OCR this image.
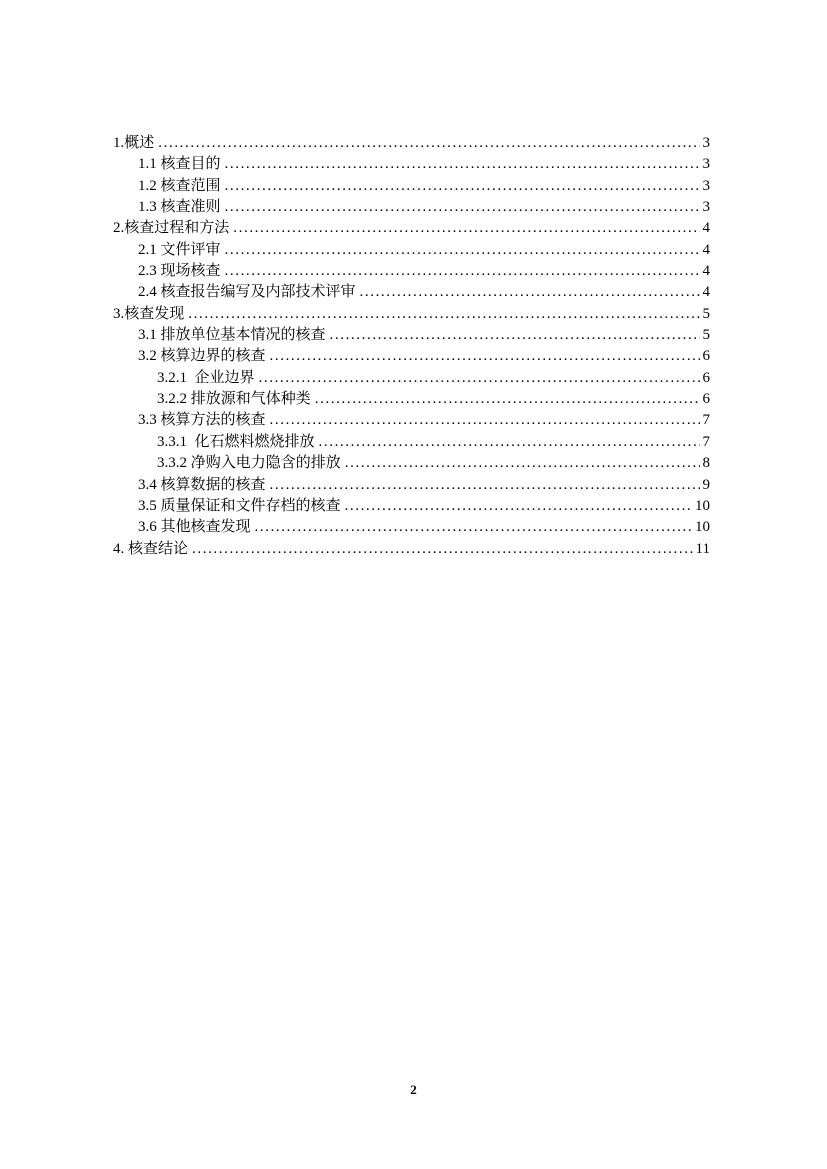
1.概述 .....	3
1.1 核查目的 .....	3
1.2 核查范围 .....	3
1.3 核查准则 .....	3
2.核查过程和方法 .....	4
2.1 文件评审 .....	4
2.3 现场核查 .....	4
2.4 核查报告编写及内部技术评审 .....	4
3.核查发现 .....	5
3.1 排放单位基本情况的核查 .....	5
3.2 核算边界的核查 .....	6
3.2.1  企业边界 .....	6
3.2.2 排放源和气体种类 .....	6
3.3 核算方法的核查 .....	7
3.3.1  化石燃料燃烧排放 .....	7
3.3.2 净购入电力隐含的排放 .....	8
3.4 核算数据的核查 .....	9
3.5 质量保证和文件存档的核查 .....	10
3.6 其他核查发现 .....	10
4. 核查结论 .....	11
2
